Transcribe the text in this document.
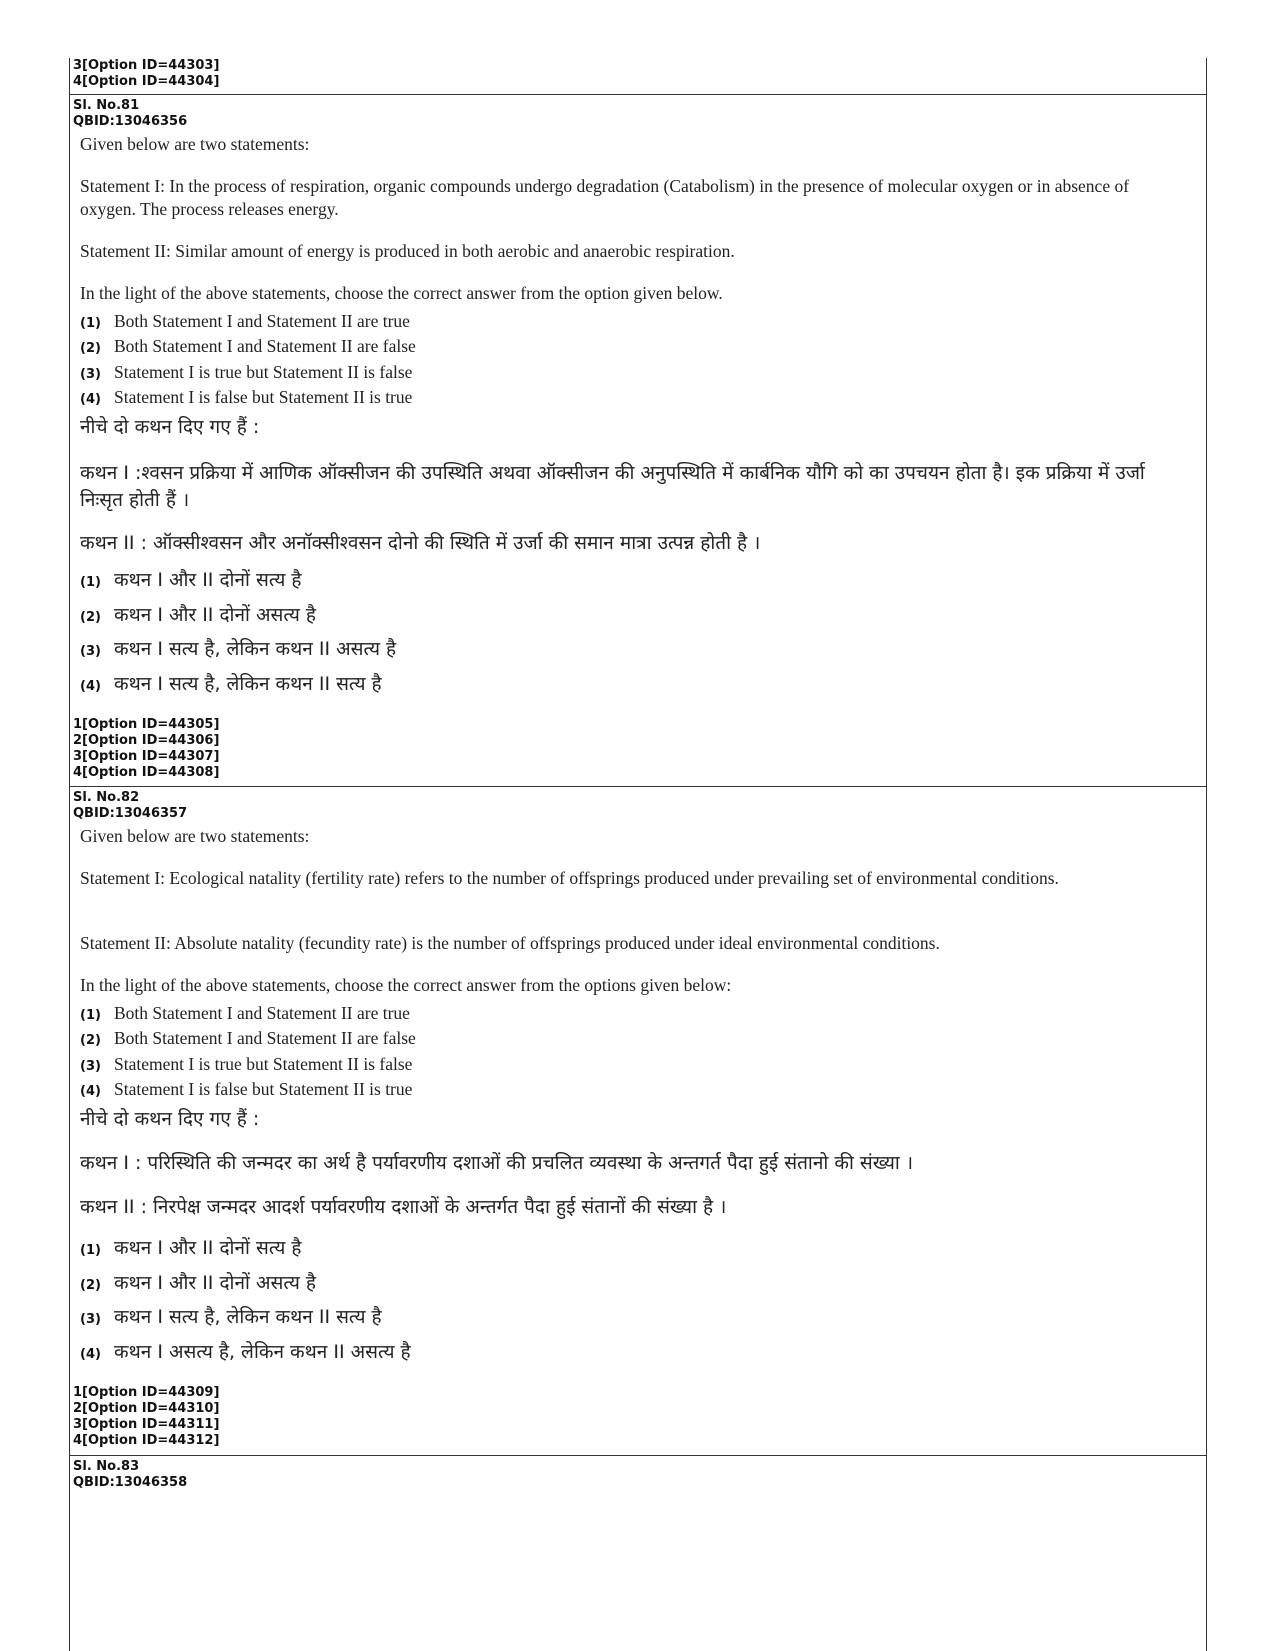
3[Option ID=44303]
4[Option ID=44304]
Sl. No.81
QBID:13046356
Given below are two statements:
Statement I: In the process of respiration, organic compounds undergo degradation (Catabolism) in the presence of molecular oxygen or in absence of oxygen. The process releases energy.
Statement II: Similar amount of energy is produced in both aerobic and anaerobic respiration.
In the light of the above statements, choose the correct answer from the option given below.
(1) Both Statement I and Statement II are true
(2) Both Statement I and Statement II are false
(3) Statement I is true but Statement II is false
(4) Statement I is false but Statement II is true
नीचे दो कथन दिए गए हैं :
कथन I :श्वसन प्रक्रिया में आणिक ऑक्सीजन की उपस्थिति अथवा ऑक्सीजन की अनुपस्थिति में कार्बनिक यौगि को का उपचयन होता है। इक प्रक्रिया में उर्जा निःसृत होती हैं ।
कथन II : ऑक्सीश्वसन और अनॉक्सीश्वसन दोनो की स्थिति में उर्जा की समान मात्रा उत्पन्न होती है ।
(1) कथन I और II दोनों सत्य है
(2) कथन I और II दोनों असत्य है
(3) कथन I सत्य है, लेकिन कथन II असत्य है
(4) कथन I सत्य है, लेकिन कथन II सत्य है
1[Option ID=44305]
2[Option ID=44306]
3[Option ID=44307]
4[Option ID=44308]
Sl. No.82
QBID:13046357
Given below are two statements:
Statement I: Ecological natality (fertility rate) refers to the number of offsprings produced under prevailing set of environmental conditions.
Statement II: Absolute natality (fecundity rate) is the number of offsprings produced under ideal environmental conditions.
In the light of the above statements, choose the correct answer from the options given below:
(1) Both Statement I and Statement II are true
(2) Both Statement I and Statement II are false
(3) Statement I is true but Statement II is false
(4) Statement I is false but Statement II is true
नीचे दो कथन दिए गए हैं :
कथन I : परिस्थिति की जन्मदर का अर्थ है पर्यावरणीय दशाओं की प्रचलित व्यवस्था के अन्तगर्त पैदा हुई संतानो की संख्या ।
कथन II : निरपेक्ष जन्मदर आदर्श पर्यावरणीय दशाओं के अन्तर्गत पैदा हुई संतानों की संख्या है ।
(1) कथन I और II दोनों सत्य है
(2) कथन I और II दोनों असत्य है
(3) कथन I सत्य है, लेकिन कथन II सत्य है
(4) कथन I असत्य है, लेकिन कथन II असत्य है
1[Option ID=44309]
2[Option ID=44310]
3[Option ID=44311]
4[Option ID=44312]
Sl. No.83
QBID:13046358
